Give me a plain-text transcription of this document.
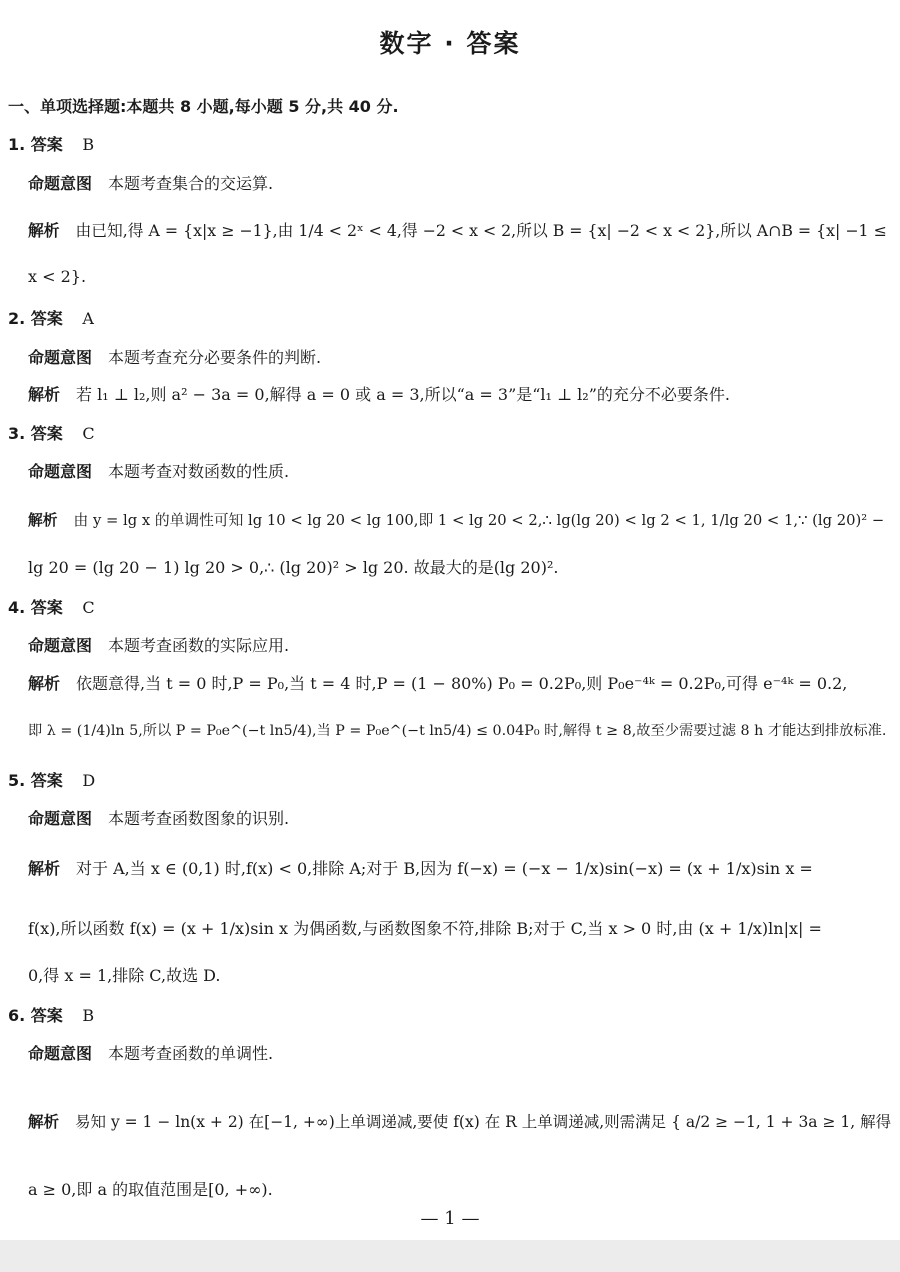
数字 · 答案
一、单项选择题:本题共 8 小题,每小题 5 分,共 40 分.
1. 答案 B
命题意图 本题考查集合的交运算.
解析 由已知,得 A = {x|x ≥ −1},由 1/4 < 2ˣ < 4,得 −2 < x < 2,所以 B = {x| −2 < x < 2},所以 A∩B = {x| −1 ≤
x < 2}.
2. 答案 A
命题意图 本题考查充分必要条件的判断.
解析 若 l₁ ⊥ l₂,则 a² − 3a = 0,解得 a = 0 或 a = 3,所以“a = 3”是“l₁ ⊥ l₂”的充分不必要条件.
3. 答案 C
命题意图 本题考查对数函数的性质.
解析 由 y = lg x 的单调性可知 lg 10 < lg 20 < lg 100,即 1 < lg 20 < 2,∴ lg(lg 20) < lg 2 < 1, 1/lg 20 < 1,∵ (lg 20)² −
lg 20 = (lg 20 − 1) lg 20 > 0,∴ (lg 20)² > lg 20. 故最大的是(lg 20)².
4. 答案 C
命题意图 本题考查函数的实际应用.
解析 依题意得,当 t = 0 时,P = P₀,当 t = 4 时,P = (1 − 80%) P₀ = 0.2P₀,则 P₀e⁻⁴ᵏ = 0.2P₀,可得 e⁻⁴ᵏ = 0.2,
即 λ = (1/4)ln 5,所以 P = P₀e^(−t ln5/4),当 P = P₀e^(−t ln5/4) ≤ 0.04P₀ 时,解得 t ≥ 8,故至少需要过滤 8 h 才能达到排放标准.
5. 答案 D
命题意图 本题考查函数图象的识别.
解析 对于 A,当 x ∈ (0,1) 时,f(x) < 0,排除 A;对于 B,因为 f(−x) = (−x − 1/x)sin(−x) = (x + 1/x)sin x =
f(x),所以函数 f(x) = (x + 1/x)sin x 为偶函数,与函数图象不符,排除 B;对于 C,当 x > 0 时,由 (x + 1/x)ln|x| =
0,得 x = 1,排除 C,故选 D.
6. 答案 B
命题意图 本题考查函数的单调性.
解析 易知 y = 1 − ln(x + 2) 在[−1, +∞)上单调递减,要使 f(x) 在 R 上单调递减,则需满足 { a/2 ≥ −1, 1 + 3a ≥ 1, 解得
a ≥ 0,即 a 的取值范围是[0, +∞).
— 1 —
